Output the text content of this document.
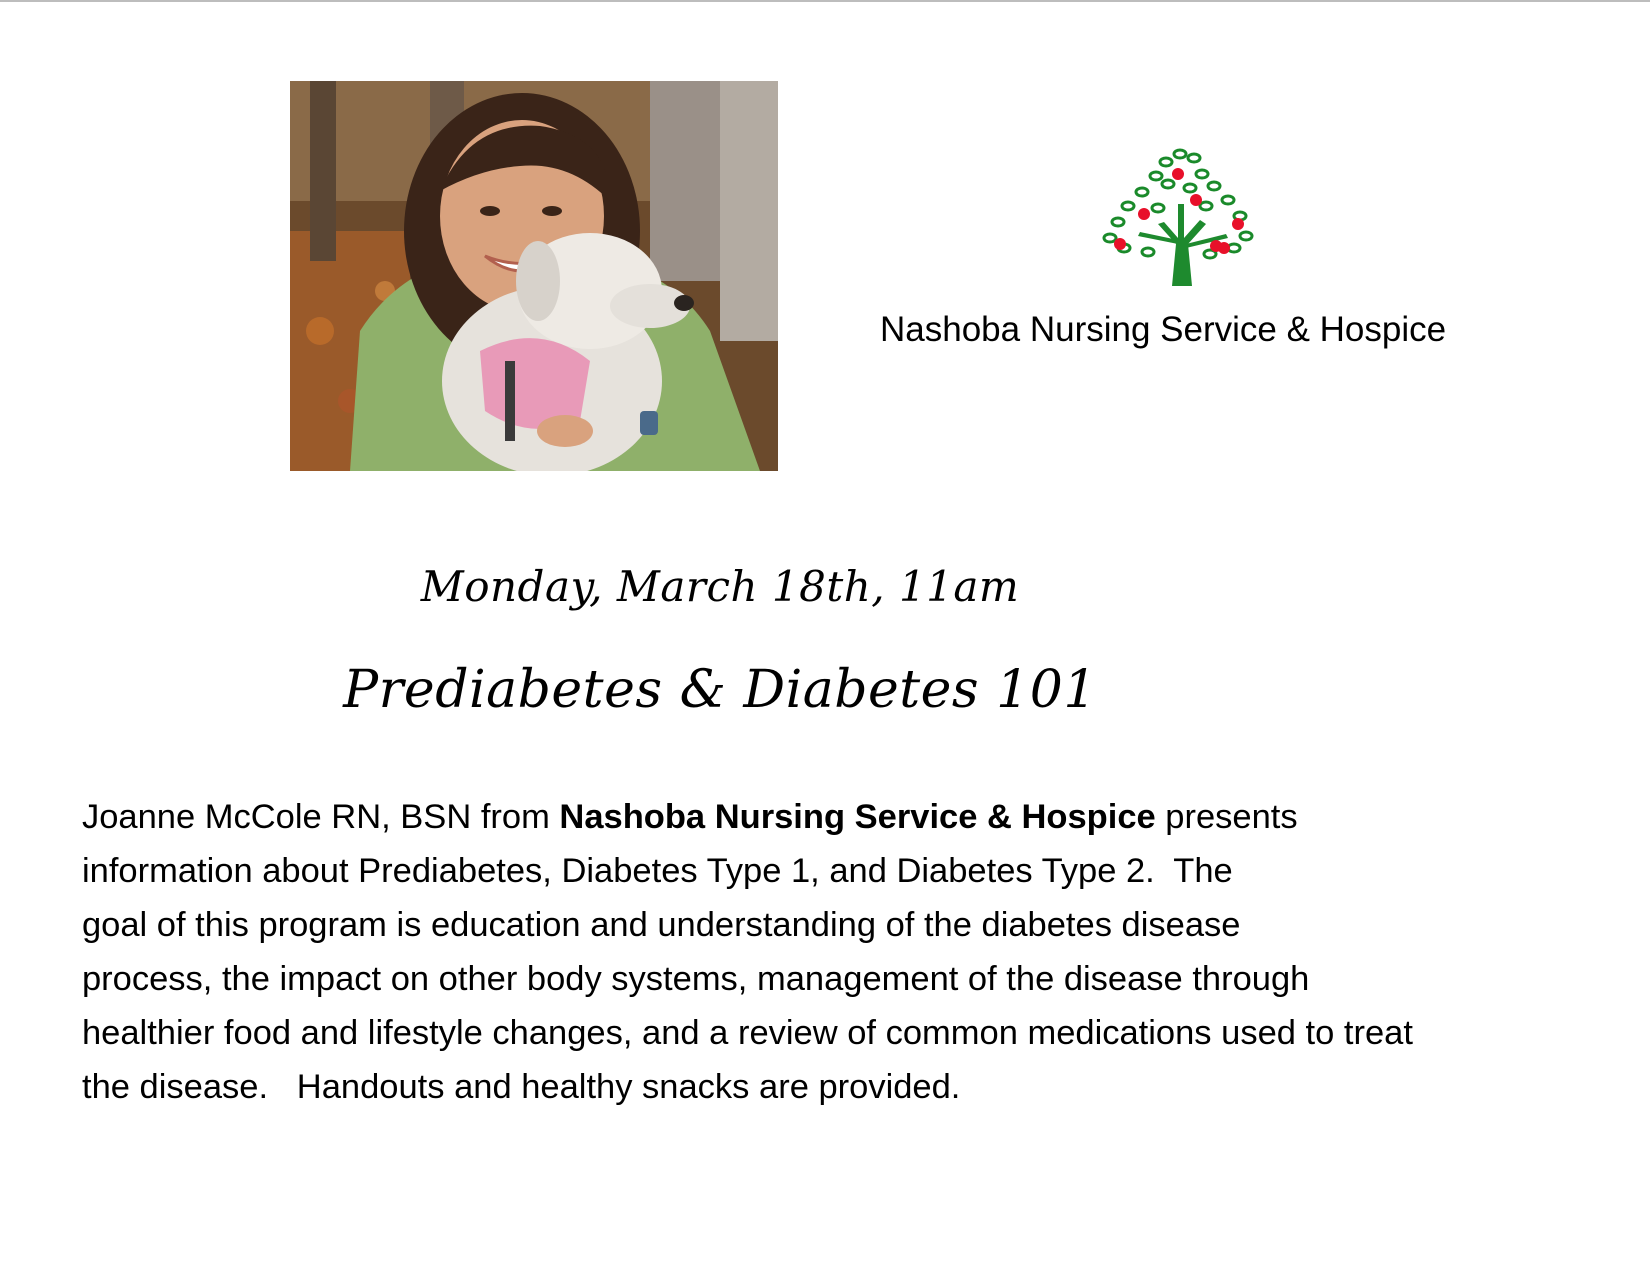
Nashoba Nursing Service & Hospice
Monday, March 18th, 11am
Prediabetes & Diabetes 101
Joanne McCole RN, BSN from Nashoba Nursing Service & Hospice presents
information about Prediabetes, Diabetes Type 1, and Diabetes Type 2.  The
goal of this program is education and understanding of the diabetes disease
process, the impact on other body systems, management of the disease through
healthier food and lifestyle changes, and a review of common medications used to treat
the disease.   Handouts and healthy snacks are provided.
